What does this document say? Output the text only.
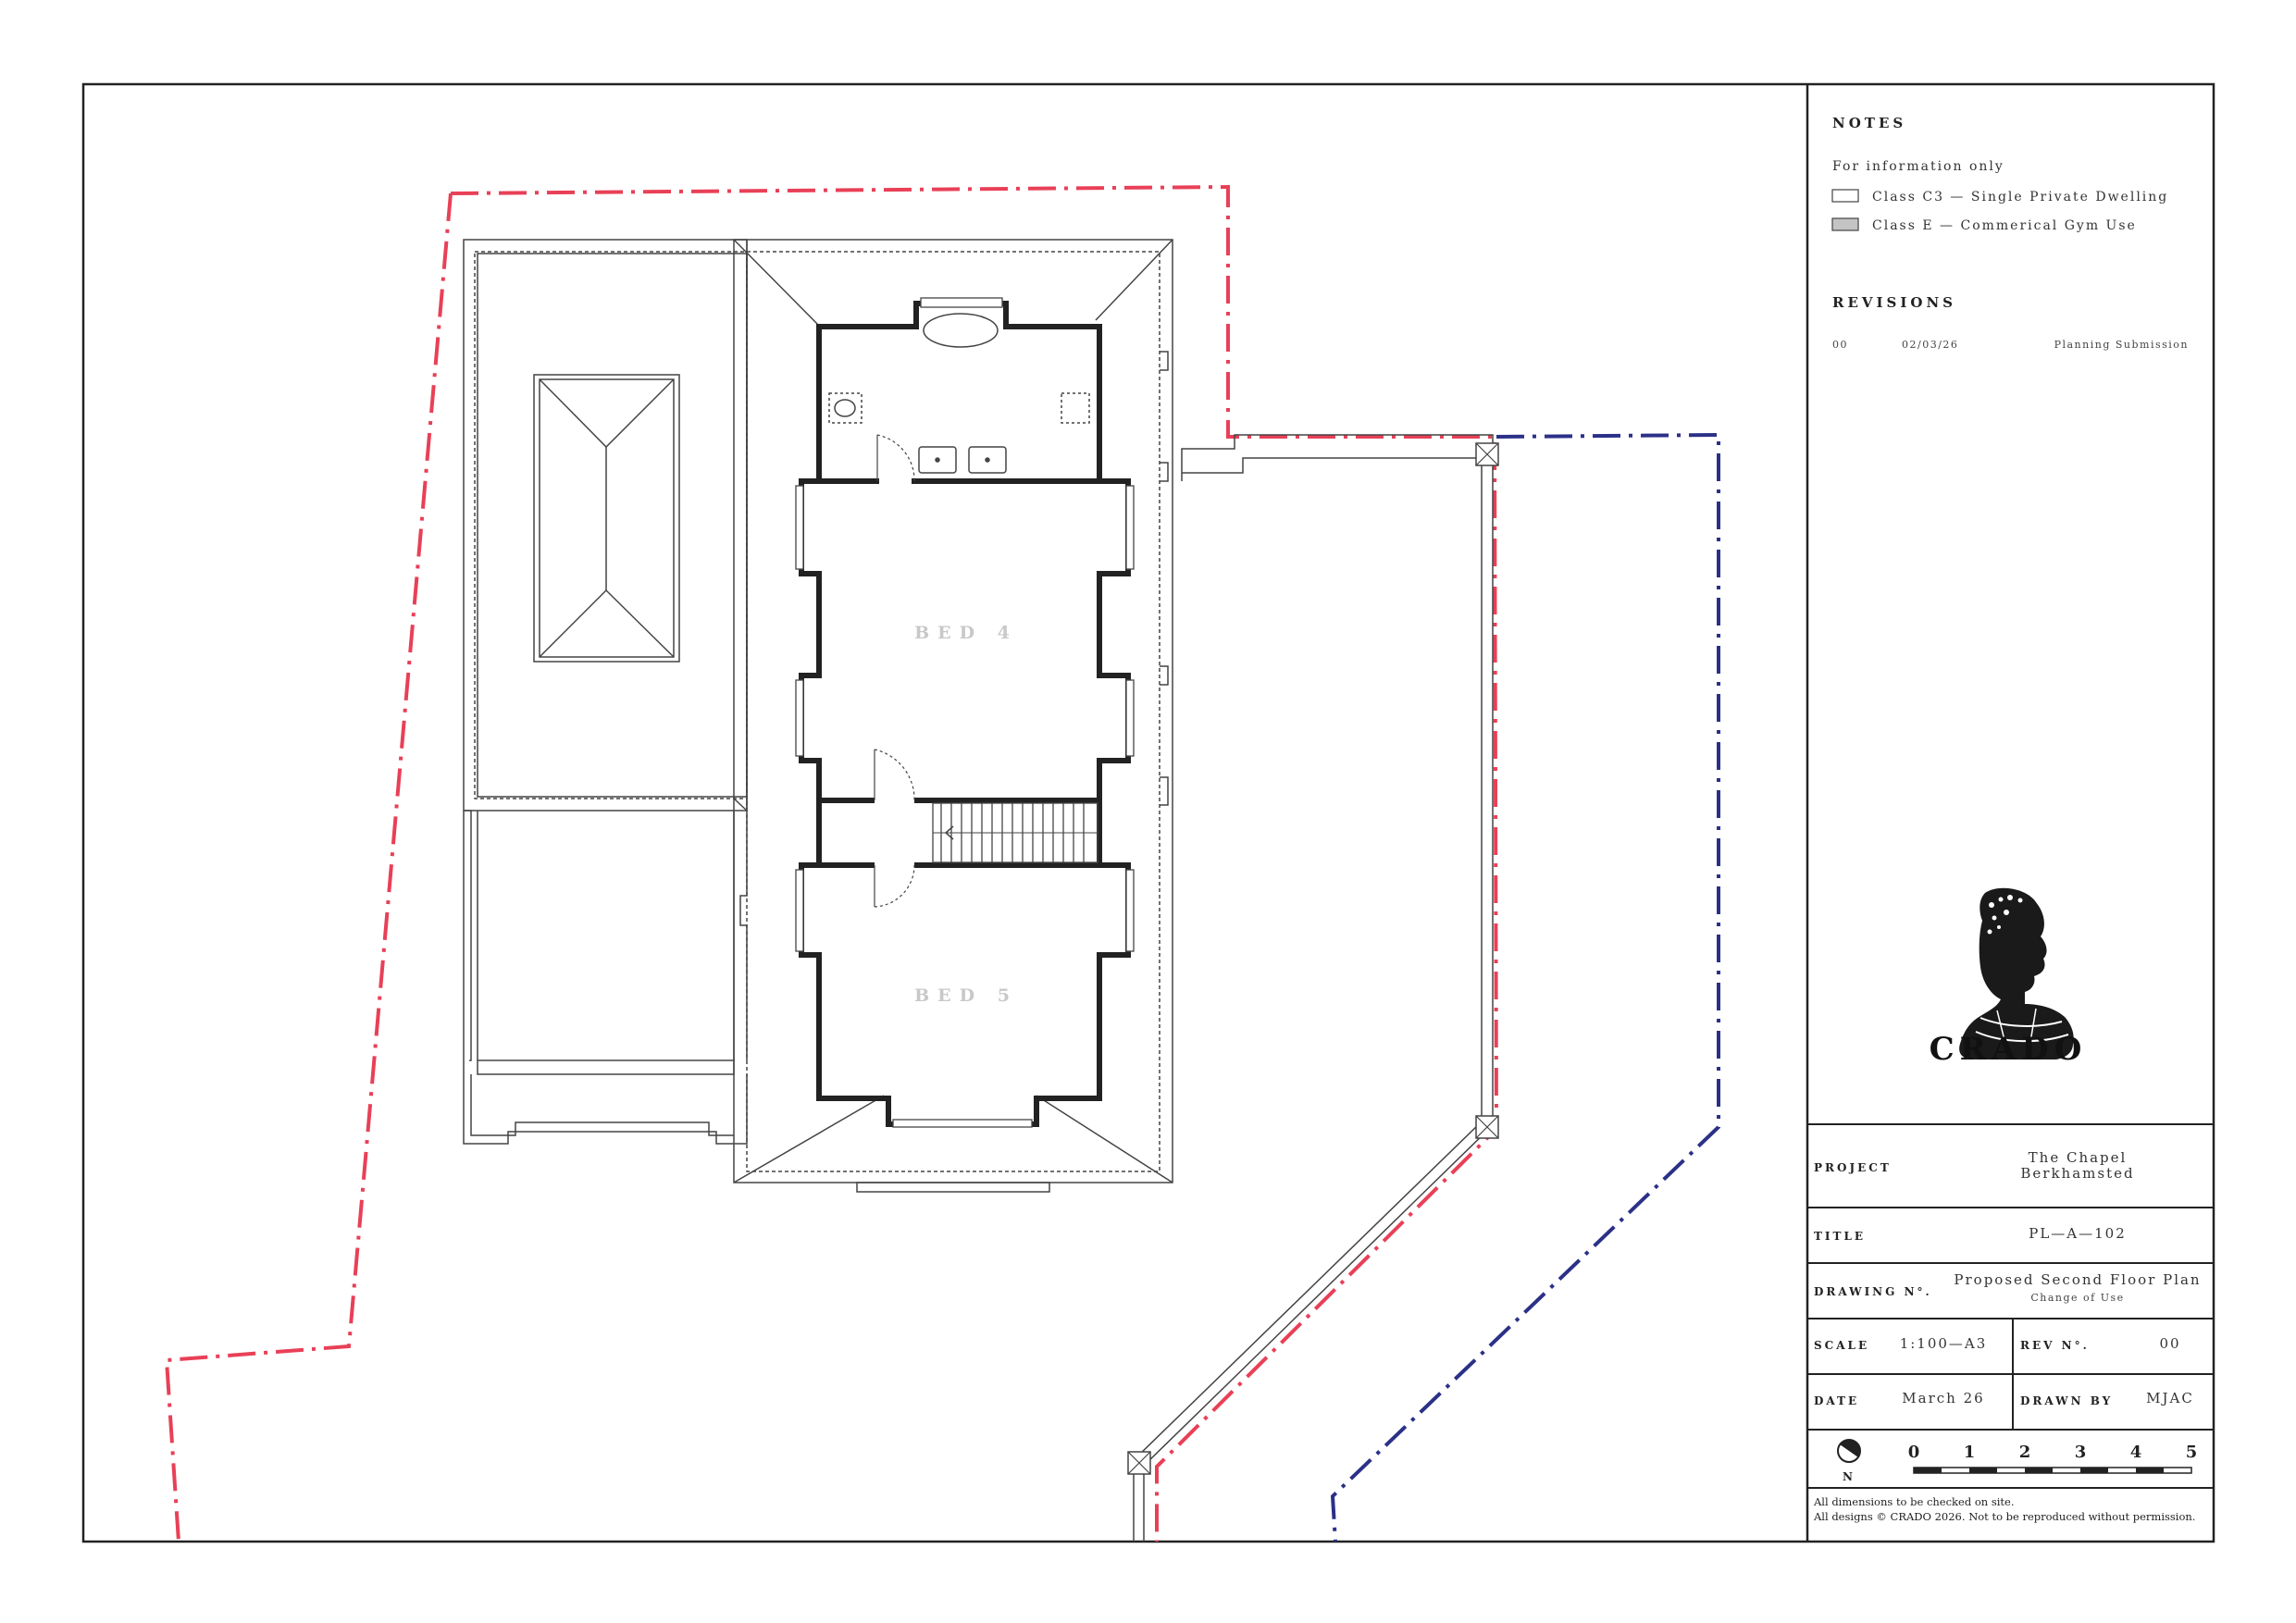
BED 4
BED 5
NOTES
For information only
Class C3 — Single Private Dwelling
Class E — Commerical Gym Use
REVISIONS
00	02/03/26	Planning Submission
CRADO
PROJECT
The Chapel
Berkhamsted
TITLE	PL—A—102
DRAWING N°.
Proposed Second Floor Plan
Change of Use
SCALE 1:100—A3	REV N°.	00
DATE	March 26	DRAWN BY MJAC
N
0	1	2	3	4	5
All dimensions to be checked on site.
All designs © CRADO 2026. Not to be reproduced without permission.
